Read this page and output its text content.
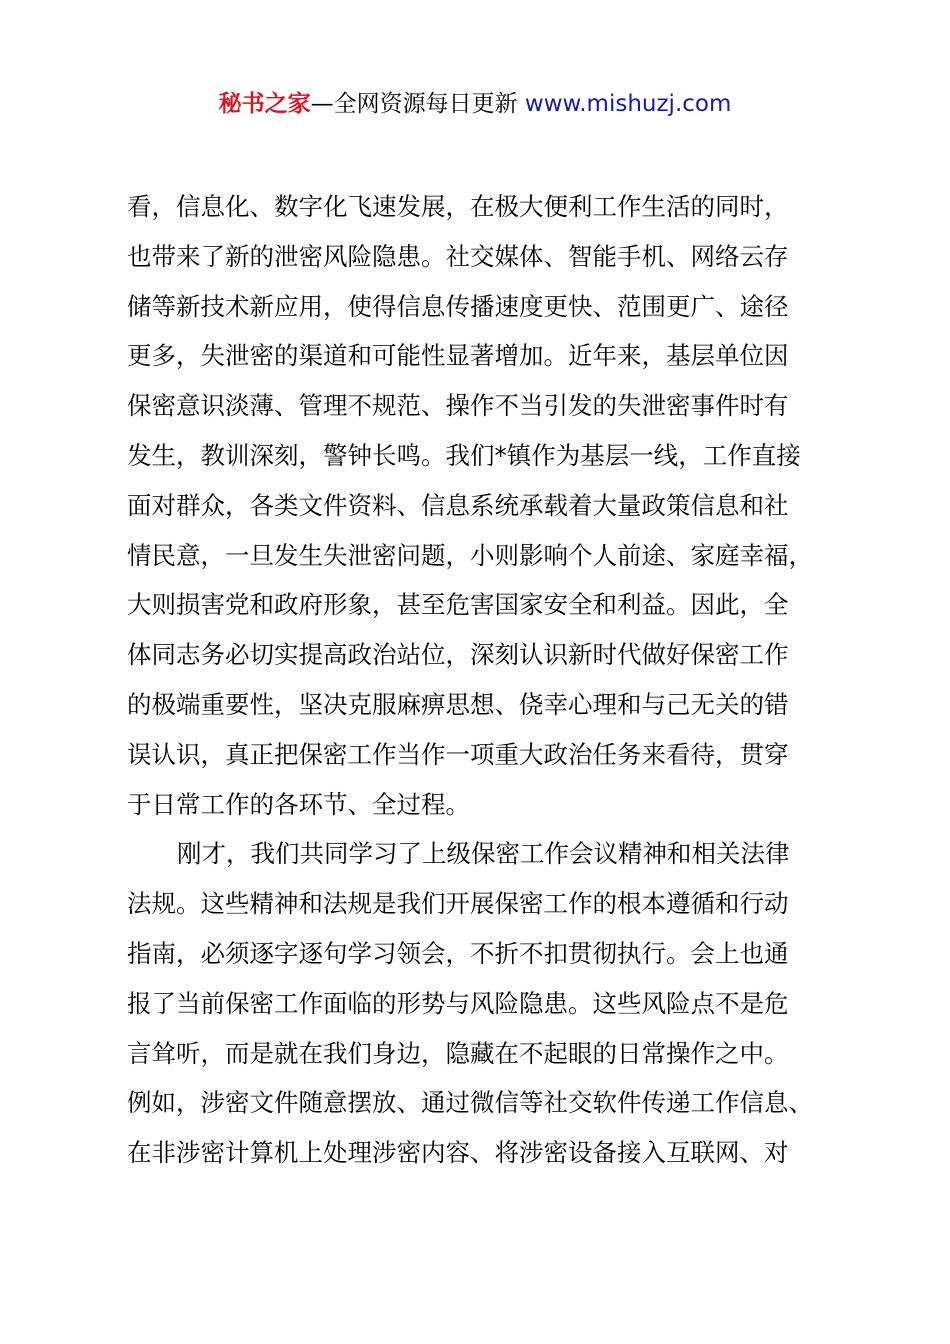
秘书之家—全网资源每日更新 www.mishuzj.com

看，信息化、数字化飞速发展，在极大便利工作生活的同时，
也带来了新的泄密风险隐患。社交媒体、智能手机、网络云存
储等新技术新应用，使得信息传播速度更快、范围更广、途径
更多，失泄密的渠道和可能性显著增加。近年来，基层单位因
保密意识淡薄、管理不规范、操作不当引发的失泄密事件时有
发生，教训深刻，警钟长鸣。我们*镇作为基层一线，工作直接
面对群众，各类文件资料、信息系统承载着大量政策信息和社
情民意，一旦发生失泄密问题，小则影响个人前途、家庭幸福，
大则损害党和政府形象，甚至危害国家安全和利益。因此，全
体同志务必切实提高政治站位，深刻认识新时代做好保密工作
的极端重要性，坚决克服麻痹思想、侥幸心理和与己无关的错
误认识，真正把保密工作当作一项重大政治任务来看待，贯穿
于日常工作的各环节、全过程。

刚才，我们共同学习了上级保密工作会议精神和相关法律
法规。这些精神和法规是我们开展保密工作的根本遵循和行动
指南，必须逐字逐句学习领会，不折不扣贯彻执行。会上也通
报了当前保密工作面临的形势与风险隐患。这些风险点不是危
言耸听，而是就在我们身边，隐藏在不起眼的日常操作之中。
例如，涉密文件随意摆放、通过微信等社交软件传递工作信息、
在非涉密计算机上处理涉密内容、将涉密设备接入互联网、对
